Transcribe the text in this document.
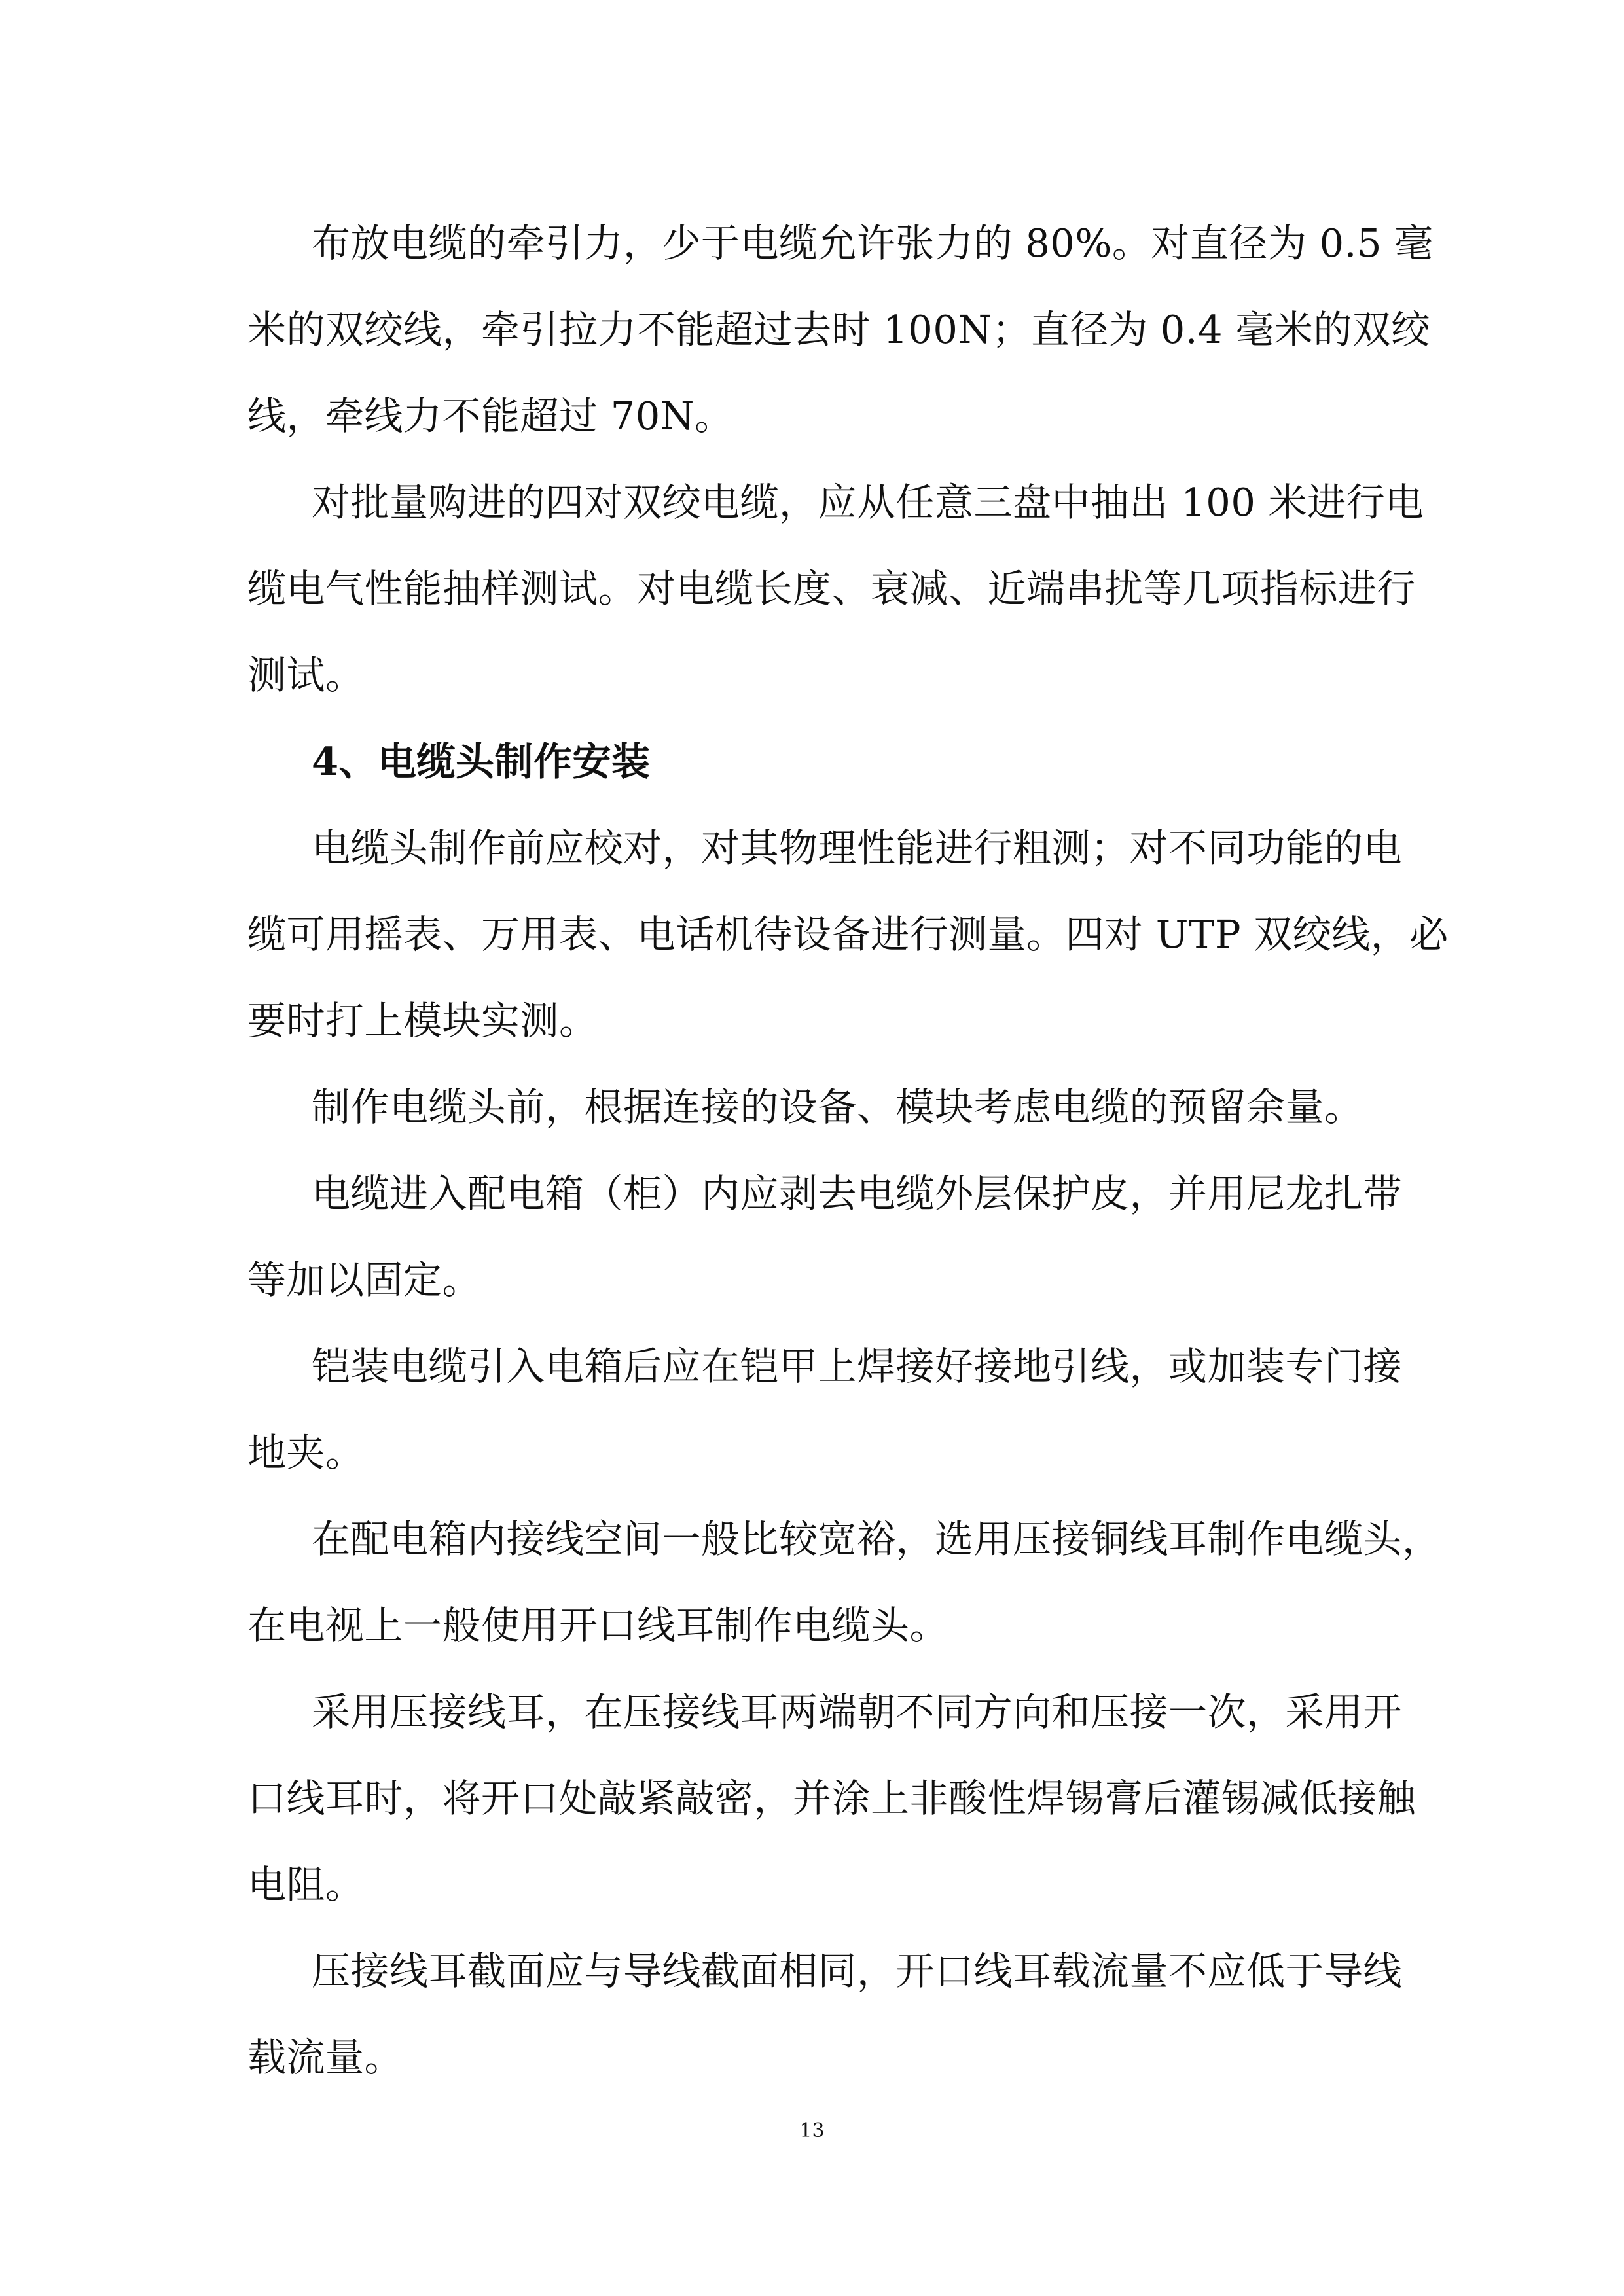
布放电缆的牵引力，少于电缆允许张力的 80%。对直径为 0.5 毫
米的双绞线，牵引拉力不能超过去时 100N；直径为 0.4 毫米的双绞
线，牵线力不能超过 70N。
对批量购进的四对双绞电缆，应从任意三盘中抽出 100 米进行电
缆电气性能抽样测试。对电缆长度、衰减、近端串扰等几项指标进行
测试。
4、电缆头制作安装
电缆头制作前应校对，对其物理性能进行粗测；对不同功能的电
缆可用摇表、万用表、电话机待设备进行测量。四对 UTP 双绞线，必
要时打上模块实测。
制作电缆头前，根据连接的设备、模块考虑电缆的预留余量。
电缆进入配电箱（柜）内应剥去电缆外层保护皮，并用尼龙扎带
等加以固定。
铠装电缆引入电箱后应在铠甲上焊接好接地引线，或加装专门接
地夹。
在配电箱内接线空间一般比较宽裕，选用压接铜线耳制作电缆头，
在电视上一般使用开口线耳制作电缆头。
采用压接线耳，在压接线耳两端朝不同方向和压接一次，采用开
口线耳时，将开口处敲紧敲密，并涂上非酸性焊锡膏后灌锡减低接触
电阻。
压接线耳截面应与导线截面相同，开口线耳载流量不应低于导线
载流量。
13
